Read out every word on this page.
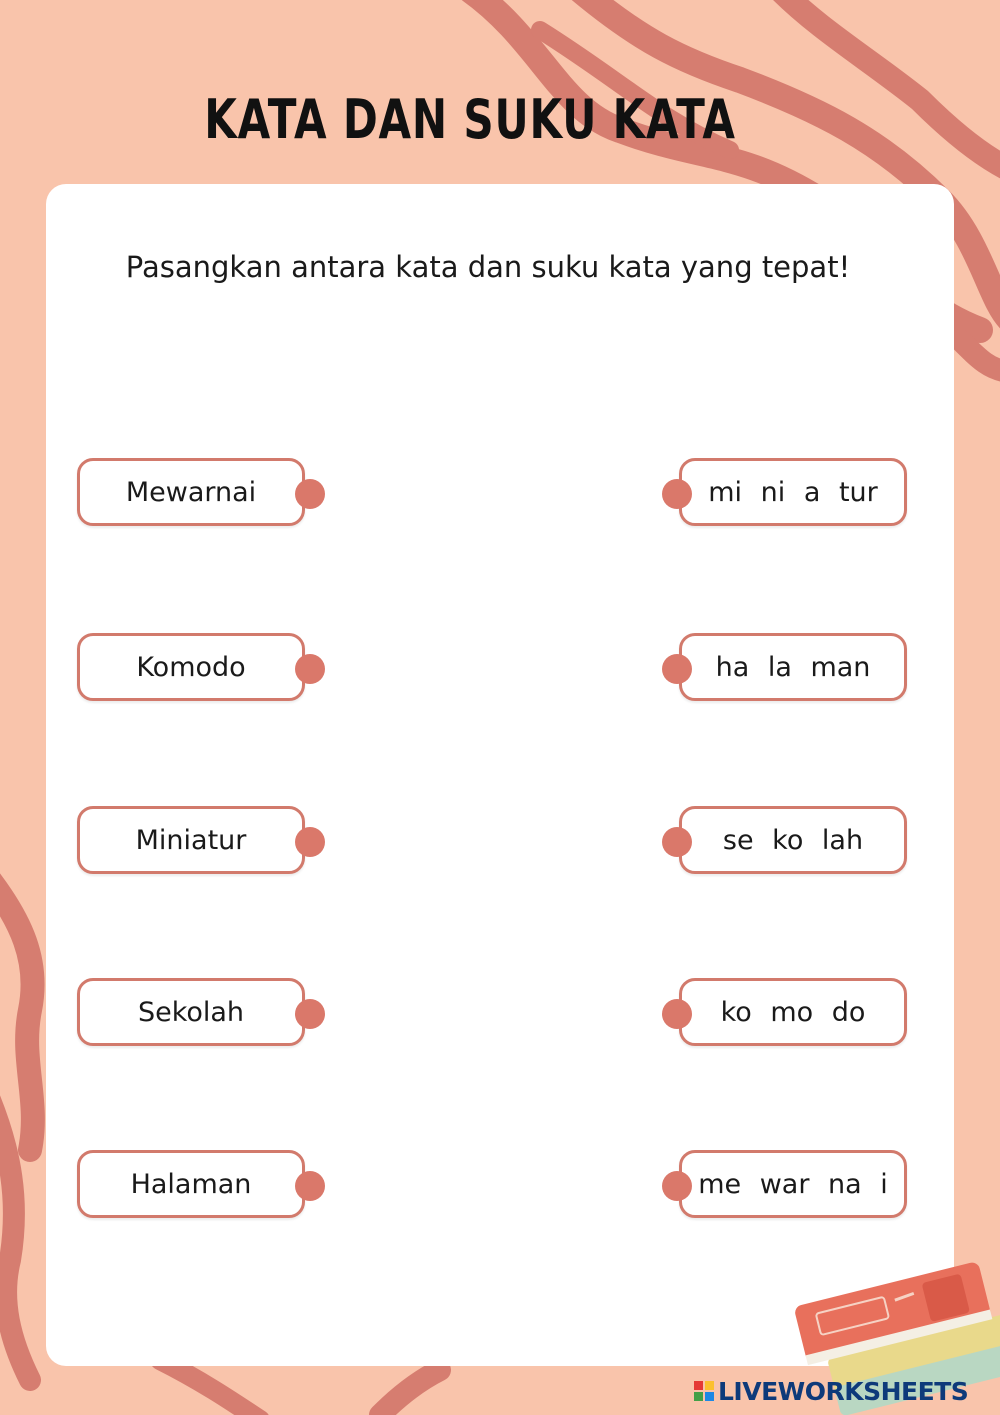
KATA DAN SUKU KATA
Pasangkan antara kata dan suku kata yang tepat!
Mewarnai
Komodo
Miniatur
Sekolah
Halaman
mi ni a tur
ha la man
se ko lah
ko mo do
me war na i
LIVEWORKSHEETS
